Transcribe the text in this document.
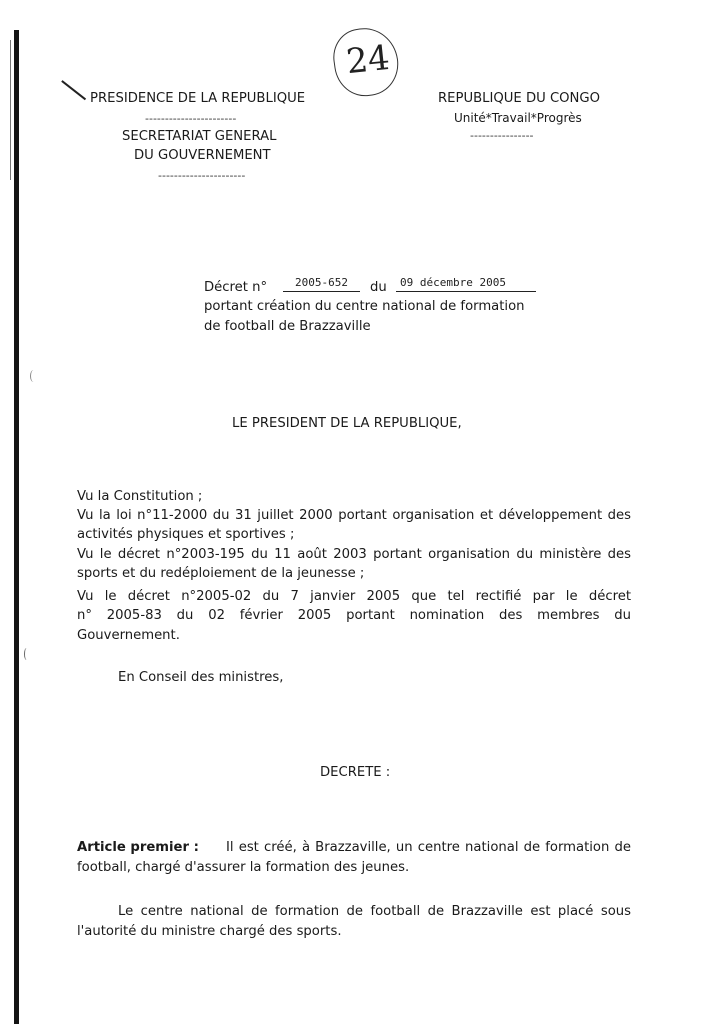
24
PRESIDENCE DE LA REPUBLIQUE
-----------------------
SECRETARIAT GENERAL
DU GOUVERNEMENT
----------------------
REPUBLIQUE DU CONGO
Unité*Travail*Progrès
----------------
Décret n°	2005-652 du 09 décembre 2005
portant création du centre national de formation
de football de Brazzaville
LE PRESIDENT DE LA REPUBLIQUE,
Vu la Constitution ;
Vu la loi n°11-2000 du 31 juillet 2000 portant organisation et développement des
activités physiques et sportives ;
Vu le décret n°2003-195 du 11 août 2003 portant organisation du ministère des
sports et du redéploiement de la jeunesse ;
Vu le décret n°2005-02 du 7 janvier 2005 que tel rectifié par le décret
n° 2005-83 du 02 février 2005 portant nomination des membres du
Gouvernement.
En Conseil des ministres,
DECRETE :
Article premier : Il est créé, à Brazzaville, un centre national de formation de
football, chargé d'assurer la formation des jeunes.
Le centre national de formation de football de Brazzaville est placé sous
l'autorité du ministre chargé des sports.
